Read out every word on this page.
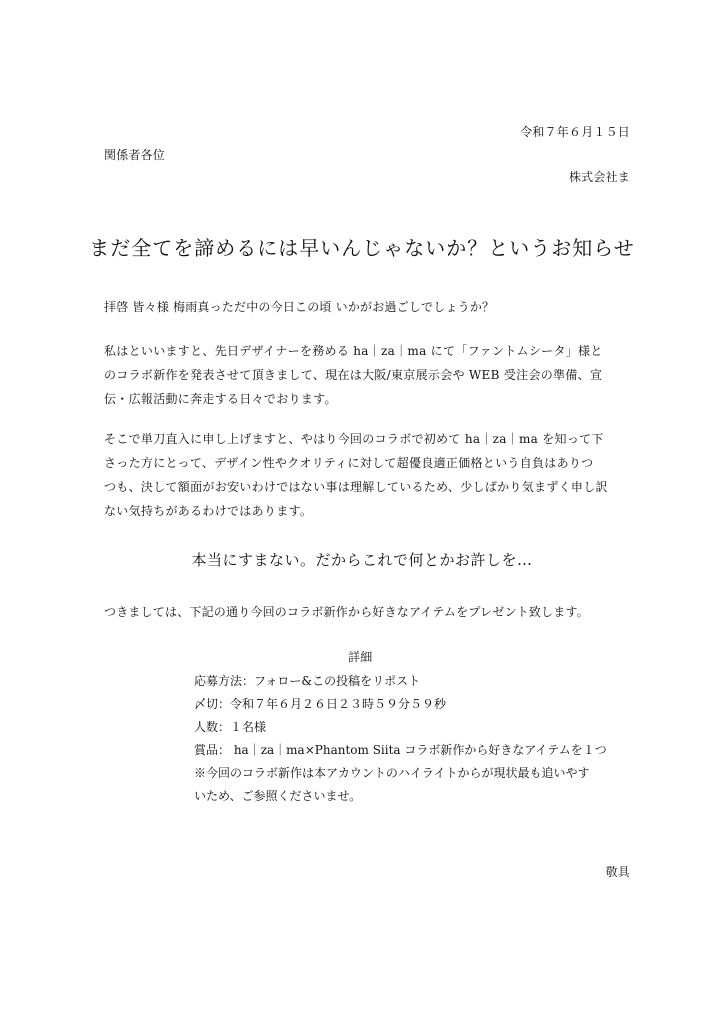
令和７年６月１５日
関係者各位
株式会社ま
まだ全てを諦めるには早いんじゃないか？というお知らせ
拝啓 皆々様 梅雨真っただ中の今日この頃 いかがお過ごしでしょうか？
私はといいますと、先日デザイナーを務める ha｜za｜ma にて「ファントムシータ」様と
のコラボ新作を発表させて頂きまして、現在は大阪/東京展示会や WEB 受注会の準備、宣
伝・広報活動に奔走する日々でおります。
そこで単刀直入に申し上げますと、やはり今回のコラボで初めて ha｜za｜ma を知って下
さった方にとって、デザイン性やクオリティに対して超優良適正価格という自負はありつ
つも、決して額面がお安いわけではない事は理解しているため、少しばかり気まずく申し訳
ない気持ちがあるわけではあります。
本当にすまない。だからこれで何とかお許しを…
つきましては、下記の通り今回のコラボ新作から好きなアイテムをプレゼント致します。
詳細
応募方法：フォロー&この投稿をリポスト
〆切：令和７年６月２６日２３時５９分５９秒
人数：１名様
賞品： ha｜za｜ma×Phantom Siita コラボ新作から好きなアイテムを１つ
※今回のコラボ新作は本アカウントのハイライトからが現状最も追いやす
いため、ご参照くださいませ。
敬具
